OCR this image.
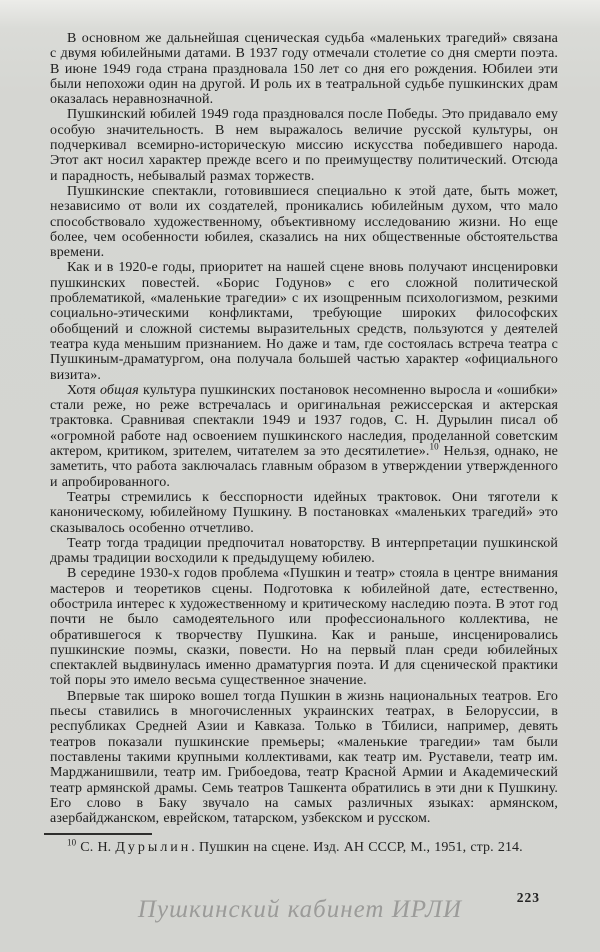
В основном же дальнейшая сценическая судьба «маленьких трагедий» связана с двумя юбилейными датами. В 1937 году отмечали столетие со дня смерти поэта. В июне 1949 года страна праздновала 150 лет со дня его рождения. Юбилеи эти были непохожи один на другой. И роль их в театральной судьбе пушкинских драм оказалась неравнозначной.

Пушкинский юбилей 1949 года праздновался после Победы. Это придавало ему особую значительность. В нем выражалось величие русской культуры, он подчеркивал всемирно-историческую миссию искусства победившего народа. Этот акт носил характер прежде всего и по преимуществу политический. Отсюда и парадность, небывалый размах торжеств.

Пушкинские спектакли, готовившиеся специально к этой дате, быть может, независимо от воли их создателей, проникались юбилейным духом, что мало способствовало художественному, объективному исследованию жизни. Но еще более, чем особенности юбилея, сказались на них общественные обстоятельства времени.

Как и в 1920-е годы, приоритет на нашей сцене вновь получают инсценировки пушкинских повестей. «Борис Годунов» с его сложной политической проблематикой, «маленькие трагедии» с их изощренным психологизмом, резкими социально-этическими конфликтами, требующие широких философских обобщений и сложной системы выразительных средств, пользуются у деятелей театра куда меньшим признанием. Но даже и там, где состоялась встреча театра с Пушкиным-драматургом, она получала большей частью характер «официального визита».

Хотя общая культура пушкинских постановок несомненно выросла и «ошибки» стали реже, но реже встречалась и оригинальная режиссерская и актерская трактовка. Сравнивая спектакли 1949 и 1937 годов, С. Н. Дурылин писал об «огромной работе над освоением пушкинского наследия, проделанной советским актером, критиком, зрителем, читателем за это десятилетие».$^{10}$ Нельзя, однако, не заметить, что работа заключалась главным образом в утверждении утвержденного и апробированного.

Театры стремились к бесспорности идейных трактовок. Они тяготели к каноническому, юбилейному Пушкину. В постановках «маленьких трагедий» это сказывалось особенно отчетливо.

Театр тогда традиции предпочитал новаторству. В интерпретации пушкинской драмы традиции восходили к предыдущему юбилею.

В середине 1930-х годов проблема «Пушкин и театр» стояла в центре внимания мастеров и теоретиков сцены. Подготовка к юбилейной дате, естественно, обострила интерес к художественному и критическому наследию поэта. В этот год почти не было самодеятельного или профессионального коллектива, не обратившегося к творчеству Пушкина. Как и раньше, инсценировались пушкинские поэмы, сказки, повести. Но на первый план среди юбилейных спектаклей выдвинулась именно драматургия поэта. И для сценической практики той поры это имело весьма существенное значение.

Впервые так широко вошел тогда Пушкин в жизнь национальных театров. Его пьесы ставились в многочисленных украинских театрах, в Белоруссии, в республиках Средней Азии и Кавказа. Только в Тбилиси, например, девять театров показали пушкинские премьеры; «маленькие трагедии» там были поставлены такими крупными коллективами, как театр им. Руставели, театр им. Марджанишвили, театр им. Грибоедова, театр Красной Армии и Академический театр армянской драмы. Семь театров Ташкента обратились в эти дни к Пушкину. Его слово в Баку звучало на самых различных языках: армянском, азербайджанском, еврейском, татарском, узбекском и русском.

$^{10}$ С. Н. Дурылин. Пушкин на сцене. Изд. АН СССР, М., 1951, стр. 214.

223
Пушкинский кабинет ИРЛИ
